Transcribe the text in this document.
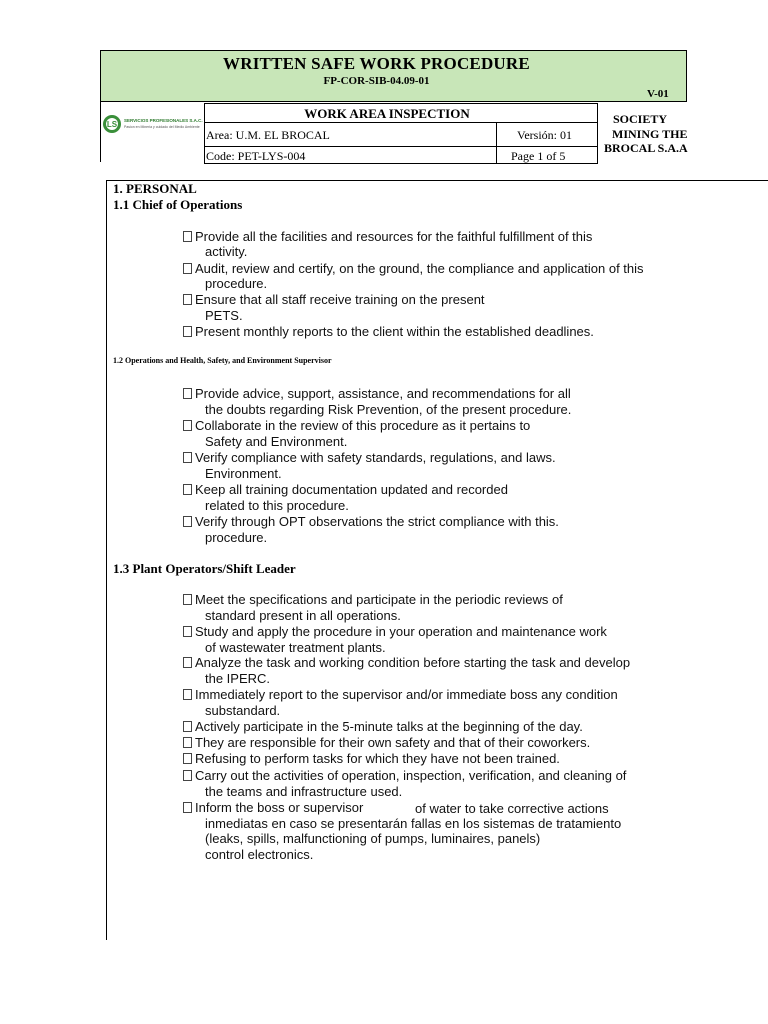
WRITTEN SAFE WORK PROCEDURE
FP-COR-SIB-04.09-01
V-01
LS SERVICIOS PROFESIONALES S.A.C.
Pasion en Mineria y cuidado del Medio Ambiente
WORK AREA INSPECTION
Area: U.M. EL BROCAL	Versión: 01
Code: PET-LYS-004	Page 1 of 5
SOCIETY
MINING THE
BROCAL S.A.A
1. PERSONAL
1.1 Chief of Operations
Provide all the facilities and resources for the faithful fulfillment of this
activity.
Audit, review and certify, on the ground, the compliance and application of this
procedure.
Ensure that all staff receive training on the present
PETS.
Present monthly reports to the client within the established deadlines.
1.2 Operations and Health, Safety, and Environment Supervisor
Provide advice, support, assistance, and recommendations for all
the doubts regarding Risk Prevention, of the present procedure.
Collaborate in the review of this procedure as it pertains to
Safety and Environment.
Verify compliance with safety standards, regulations, and laws.
Environment.
Keep all training documentation updated and recorded
related to this procedure.
Verify through OPT observations the strict compliance with this.
procedure.
1.3 Plant Operators/Shift Leader
Meet the specifications and participate in the periodic reviews of
standard present in all operations.
Study and apply the procedure in your operation and maintenance work
of wastewater treatment plants.
Analyze the task and working condition before starting the task and develop
the IPERC.
Immediately report to the supervisor and/or immediate boss any condition
substandard.
Actively participate in the 5-minute talks at the beginning of the day.
They are responsible for their own safety and that of their coworkers.
Refusing to perform tasks for which they have not been trained.
Carry out the activities of operation, inspection, verification, and cleaning of
the teams and infrastructure used.
Inform the boss or supervisor	of water to take corrective actions
inmediatas en caso se presentarán fallas en los sistemas de tratamiento
(leaks, spills, malfunctioning of pumps, luminaires, panels)
control electronics.
